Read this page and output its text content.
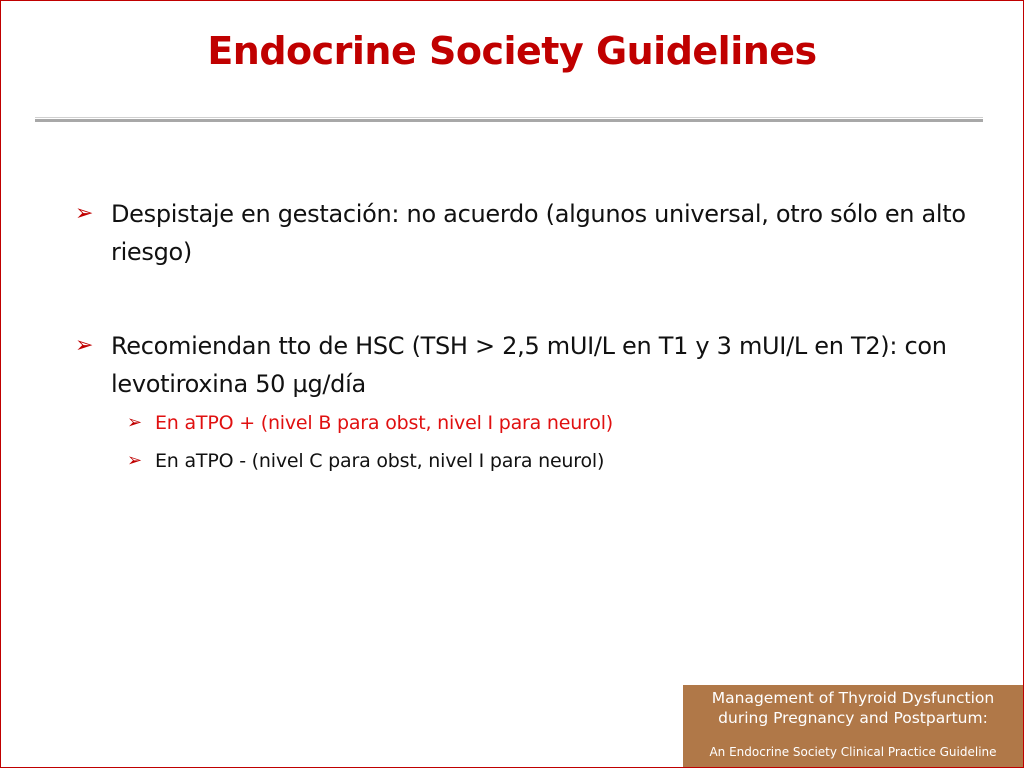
Endocrine Society Guidelines
➢ Despistaje en gestación: no acuerdo (algunos universal, otro sólo en alto riesgo)
➢ Recomiendan tto de HSC (TSH > 2,5 mUI/L en T1 y 3 mUI/L en T2): con levotiroxina 50 µg/día
➢ En aTPO + (nivel B para obst, nivel I para neurol)
➢ En aTPO - (nivel C para obst, nivel I para neurol)
Management of Thyroid Dysfunction
during Pregnancy and Postpartum:
An Endocrine Society Clinical Practice Guideline
